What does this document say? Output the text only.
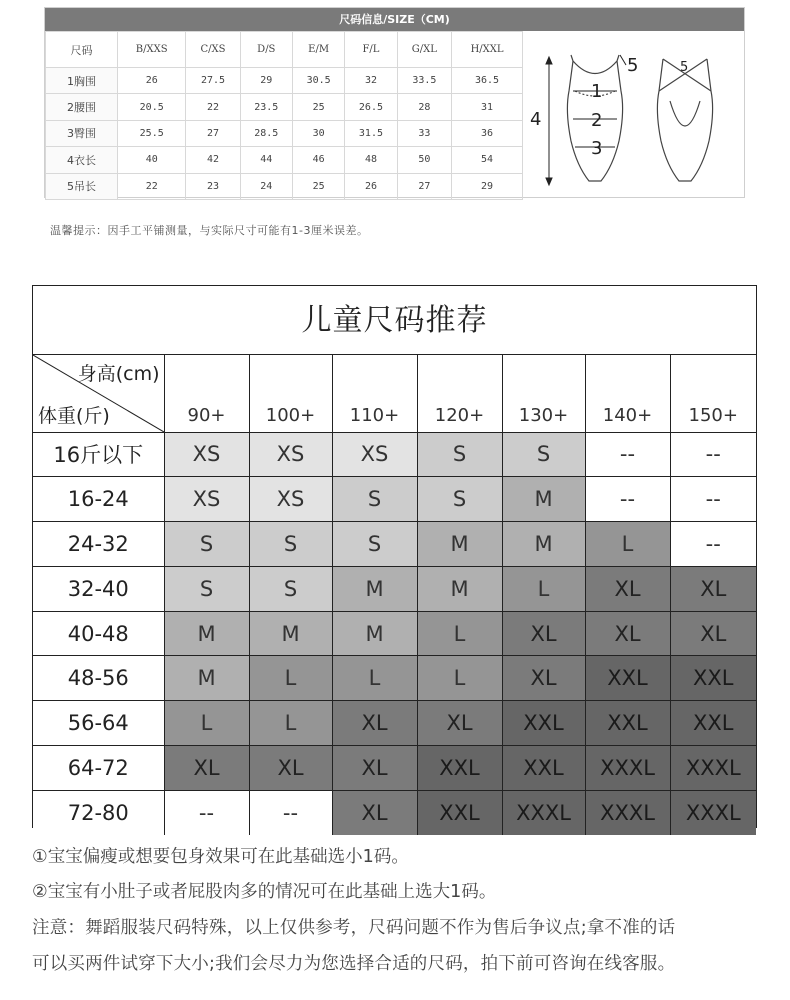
尺码信息/SIZE（CM)
尺码	B/XXS	C/XS	D/S	E/M	F/L	G/XL	H/XXL
1胸围	26	27.5	29	30.5	32	33.5	36.5
2腰围	20.5	22	23.5	25	26.5	28	31
3臀围	25.5	27	28.5	30	31.5	33	36
4衣长	40	42	44	46	48	50	54
5吊长	22	23	24	25	26	27	29
1
2
3
4
5	5
温馨提示：因手工平铺测量，与实际尺寸可能有1-3厘米误差。
儿童尺码推荐
身高(cm)
体重(斤)	90+	100+	110+	120+	130+	140+	150+
16斤以下	XS	XS	XS	S	S	--	--
16-24	XS	XS	S	S	M	--	--
24-32	S	S	S	M	M	L	--
32-40	S	S	M	M	L	XL	XL
40-48	M	M	M	L	XL	XL	XL
48-56	M	L	L	L	XL	XXL	XXL
56-64	L	L	XL	XL	XXL	XXL	XXL
64-72	XL	XL	XL	XXL	XXL	XXXL	XXXL
72-80	--	--	XL	XXL	XXXL	XXXL	XXXL
①宝宝偏瘦或想要包身效果可在此基础选小1码。
②宝宝有小肚子或者屁股肉多的情况可在此基础上选大1码。
注意：舞蹈服装尺码特殊，以上仅供参考，尺码问题不作为售后争议点;拿不准的话
可以买两件试穿下大小;我们会尽力为您选择合适的尺码，拍下前可咨询在线客服。
